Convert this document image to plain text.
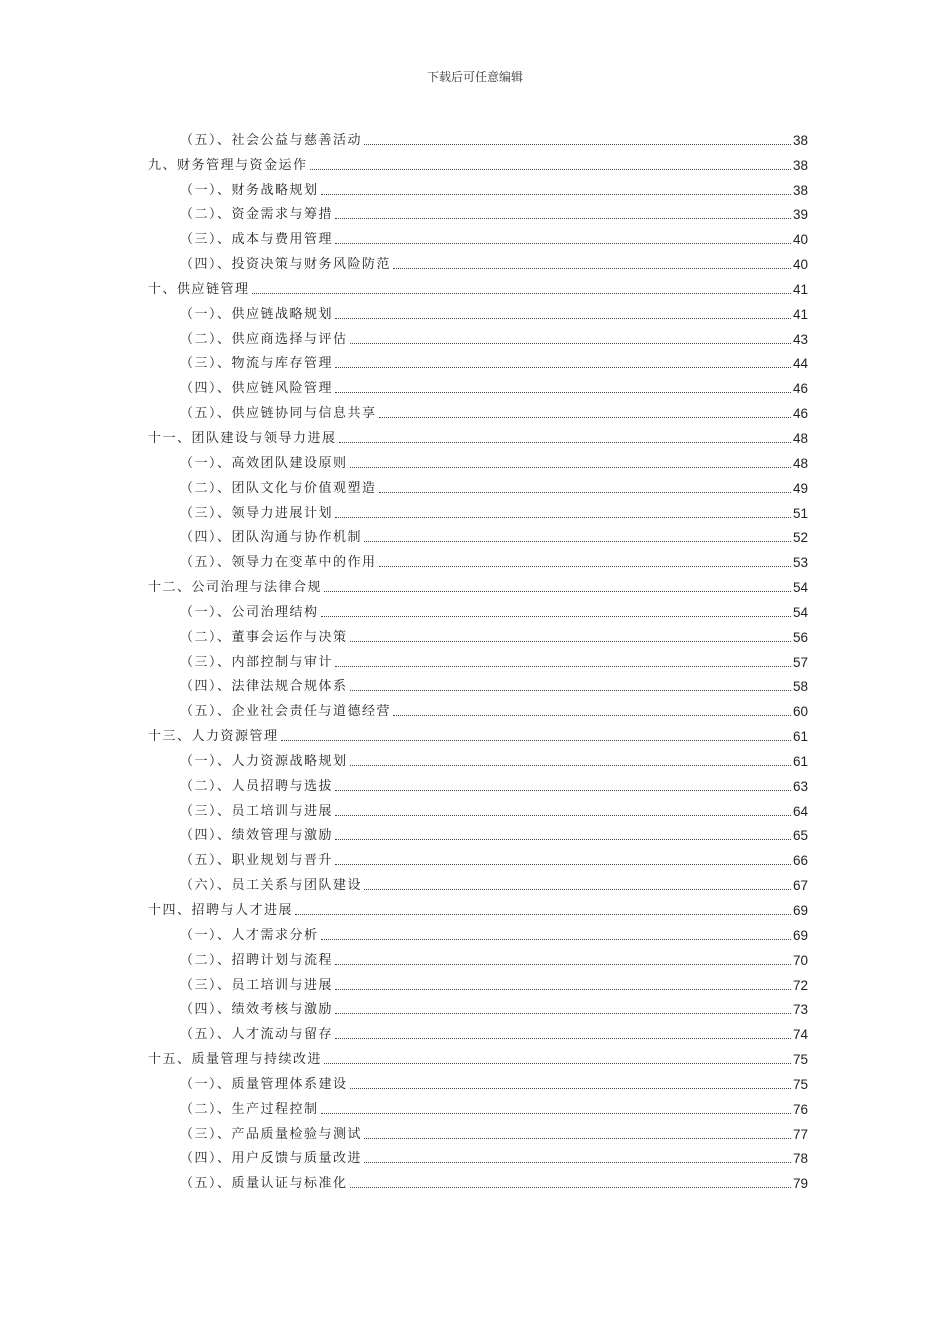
下载后可任意编辑
（五）、社会公益与慈善活动	38
九、财务管理与资金运作	38
（一）、财务战略规划	38
（二）、资金需求与筹措	39
（三）、成本与费用管理	40
（四）、投资决策与财务风险防范	40
十、供应链管理	41
（一）、供应链战略规划	41
（二）、供应商选择与评估	43
（三）、物流与库存管理	44
（四）、供应链风险管理	46
（五）、供应链协同与信息共享	46
十一、团队建设与领导力进展	48
（一）、高效团队建设原则	48
（二）、团队文化与价值观塑造	49
（三）、领导力进展计划	51
（四）、团队沟通与协作机制	52
（五）、领导力在变革中的作用	53
十二、公司治理与法律合规	54
（一）、公司治理结构	54
（二）、董事会运作与决策	56
（三）、内部控制与审计	57
（四）、法律法规合规体系	58
（五）、企业社会责任与道德经营	60
十三、人力资源管理	61
（一）、人力资源战略规划	61
（二）、人员招聘与选拔	63
（三）、员工培训与进展	64
（四）、绩效管理与激励	65
（五）、职业规划与晋升	66
（六）、员工关系与团队建设	67
十四、招聘与人才进展	69
（一）、人才需求分析	69
（二）、招聘计划与流程	70
（三）、员工培训与进展	72
（四）、绩效考核与激励	73
（五）、人才流动与留存	74
十五、质量管理与持续改进	75
（一）、质量管理体系建设	75
（二）、生产过程控制	76
（三）、产品质量检验与测试	77
（四）、用户反馈与质量改进	78
（五）、质量认证与标准化	79
